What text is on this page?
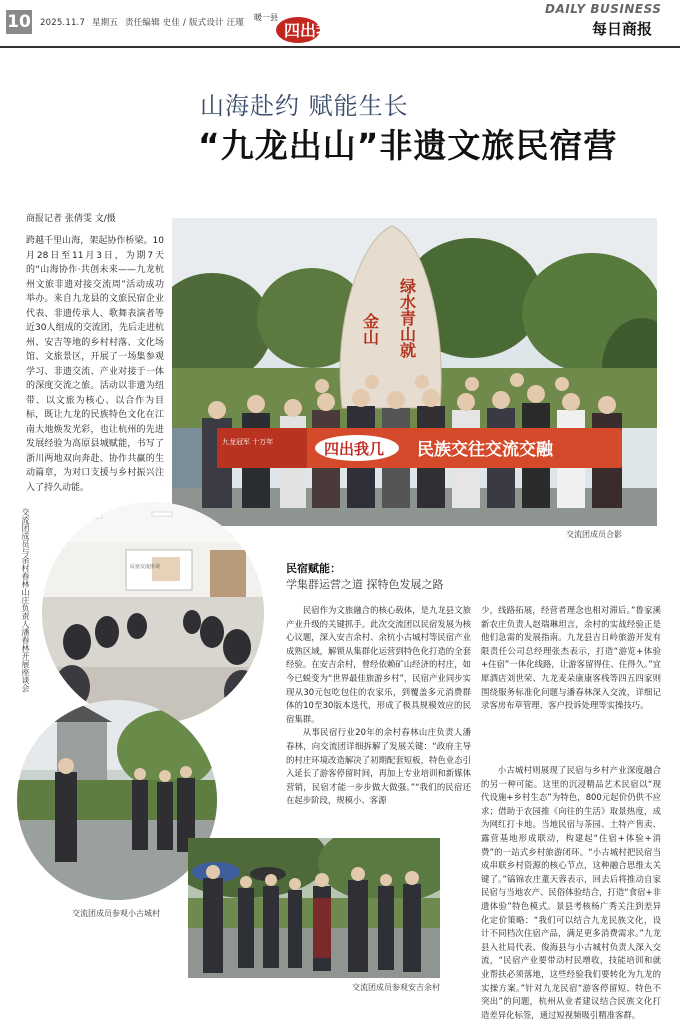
10 2025.11.7 星期五 责任编辑 史佳 / 版式设计 汪瑾
暖一县
四出我几
DAILY BUSINESS
每日商报
山海赴约 赋能生长
“九龙出山”非遗文旅民宿营
商报记者 张倩雯 文/摄
跨越千里山海，架起协作桥梁。10月28日至11月3日，为期7天的“山海协作·共创未来——九龙杭州文旅非遗对接交流周”活动成功举办。来自九龙县的文旅民宿企业代表、非遗传承人、歌舞表演者等近30人组成的交流团，先后走进杭州、安吉等地的乡村村落、文化场馆、文旅景区，开展了一场集参观学习、非遗交流、产业对接于一体的深度交流之旅。活动以非遗为纽带、以文旅为核心、以合作为目标，既让九龙的民族特色文化在江南大地焕发光彩，也让杭州的先进发展经验为高原县城赋能，书写了浙川两地双向奔赴、协作共赢的生动篇章，为对口支援与乡村振兴注入了持久动能。
绿水青山就
金山
九龙冠军 十万年	四出我几 民族交往交流交融
交流团成员合影
交流团成员与余村春林山庄负责人潘春林开展座谈会	民宿交流座谈
交流团成员参观小古城村
民宿赋能：
学集群运营之道 探特色发展之路

民宿作为文旅融合的核心载体，是九龙县文旅产业升级的关键抓手。此次交流团以民宿发展为核心议题，深入安吉余村、余杭小古城村等民宿产业成熟区域，解锁从集群化运营到特色化打造的全套经验。在安吉余村，曾经依赖矿山经济的村庄，如今已蜕变为“世界最佳旅游乡村”，民宿产业同步实现从30元包吃包住的农家乐，到覆盖多元消费群体的10至30版本迭代，形成了极具规模效应的民宿集群。

从事民宿行业20年的余村春林山庄负责人潘春林，向交流团详细拆解了发展关键：“政府主导的村庄环境改造解决了初期配套短板，特色业态引入延长了游客停留时间，再加上专业培训和新媒体营销，民宿才能一步步做大做强。”“我们的民宿还在起步阶段，规模小、客源

少，线路拓展，经营者理念也相对滞后。”鲁家溪新农庄负责人赵瑞琳坦言，余村的实战经验正是他们急需的发展指南。九龙县吉日岭旅游开发有限责任公司总经理张杰表示，打造“游览+体验+住宿”一体化线路，让游客留得住、住得久。”宜犀酒店刘世荣、九龙麦朵康康客栈等四五四家则围绕服务标准化问题与潘春林深入交流，详细记录客房布草管理、客户投诉处理等实操技巧。

小古城村则展现了民宿与乡村产业深度融合的另一种可能。这里的沉浸精品艺术民宿以“现代设施+乡村生态”为特色，800元起价仍供不应求；借助于农园推《向往的生活》取景热度，成为网红打卡地。当地民宿与茶园、土特产售卖、露营基地形成联动，构建起“住宿+体验+消费”的一站式乡村旅游闭环。“小古城村把民宿当成串联乡村资源的核心节点，这种融合思维太关键了。”镐锦农庄董天蓉表示，回去后将推动自家民宿与当地农产、民俗体验结合，打造“食宿+非遗体验”特色模式。景县考核杨广秀关注到差异化定价策略：“我们可以结合九龙民族文化，设计不同档次住宿产品，满足更多消费需求。”九龙县入社局代表、俊海县与小古城村负责人深入交流，“民宿产业要带动村民增收，技能培训和就业帮扶必须落地，这些经验我们要转化为九龙的实操方案。”针对九龙民宿“游客停留短、特色不突出”的问题，杭州从业者建议结合民族文化打造差异化标签，通过短视频吸引精准客群。

交流团成员参观安吉余村
